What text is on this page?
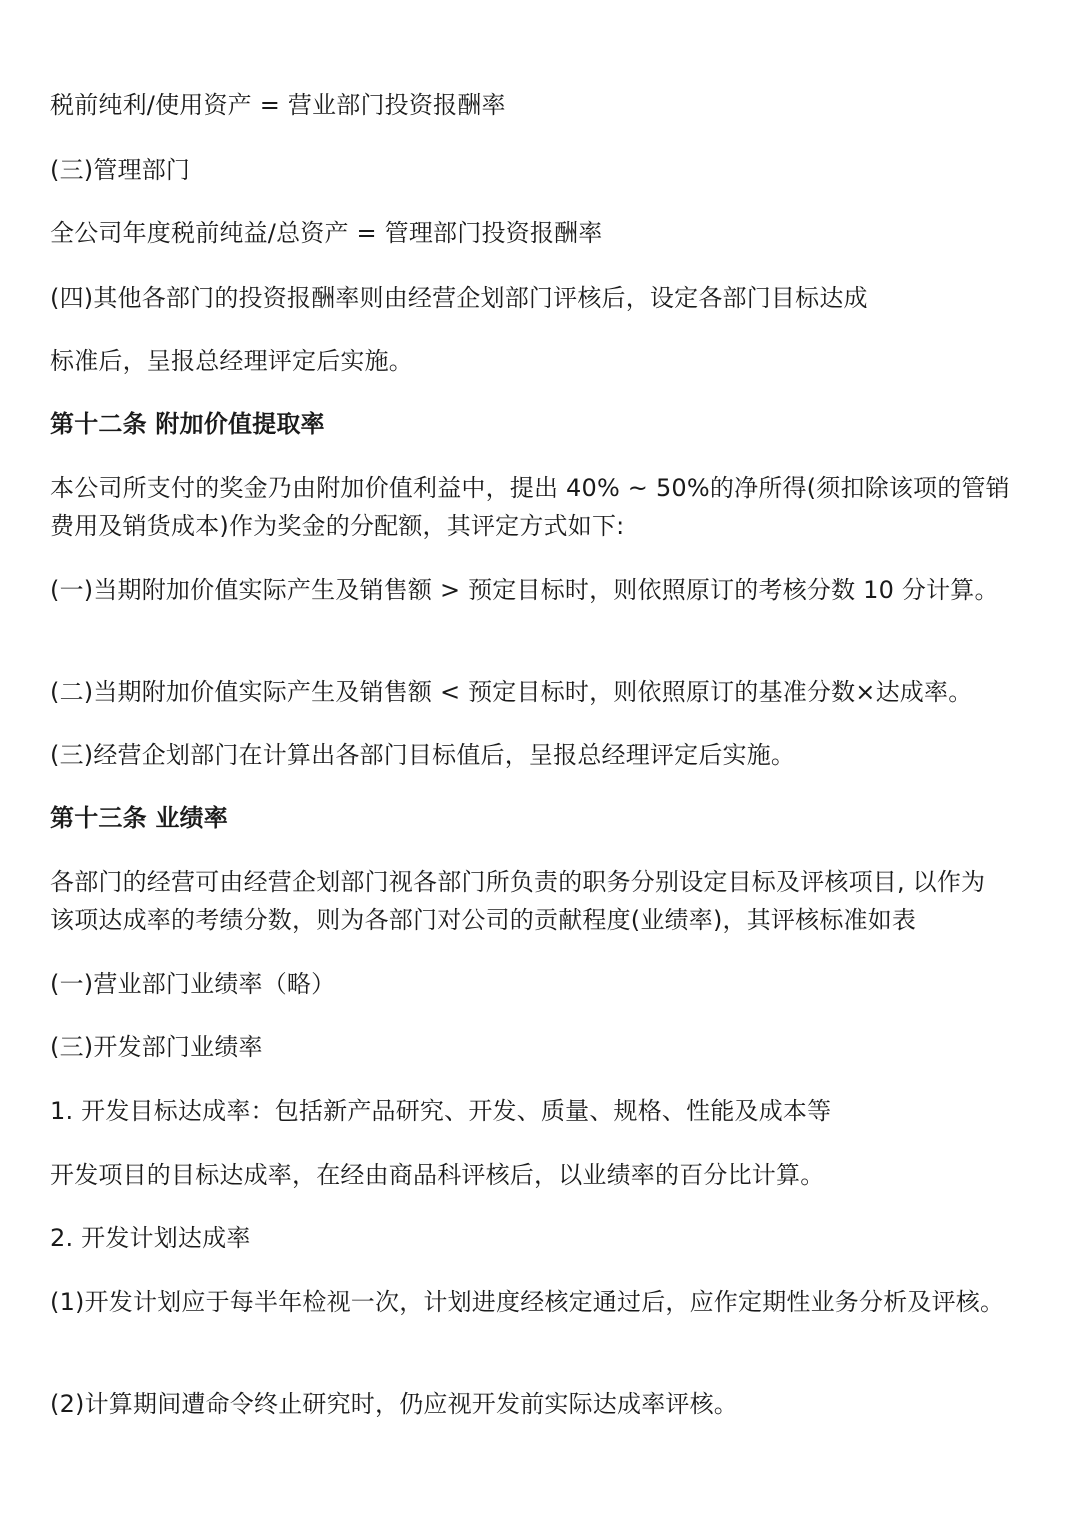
税前纯利/使用资产 = 营业部门投资报酬率
(三)管理部门
全公司年度税前纯益/总资产 = 管理部门投资报酬率
(四)其他各部门的投资报酬率则由经营企划部门评核后，设定各部门目标达成
标准后，呈报总经理评定后实施。
第十二条 附加价值提取率
本公司所支付的奖金乃由附加价值利益中，提出 40% ~ 50%的净所得(须扣除该项的管销
费用及销货成本)作为奖金的分配额，其评定方式如下:
(一)当期附加价值实际产生及销售额 > 预定目标时，则依照原订的考核分数 10 分计算。
(二)当期附加价值实际产生及销售额 < 预定目标时，则依照原订的基准分数×达成率。
(三)经营企划部门在计算出各部门目标值后，呈报总经理评定后实施。
第十三条 业绩率
各部门的经营可由经营企划部门视各部门所负责的职务分别设定目标及评核项目, 以作为
该项达成率的考绩分数，则为各部门对公司的贡献程度(业绩率)，其评核标准如表
(一)营业部门业绩率（略）
(三)开发部门业绩率
1. 开发目标达成率：包括新产品研究、开发、质量、规格、性能及成本等
开发项目的目标达成率，在经由商品科评核后，以业绩率的百分比计算。
2. 开发计划达成率
(1)开发计划应于每半年检视一次，计划进度经核定通过后，应作定期性业务分析及评核。
(2)计算期间遭命令终止研究时，仍应视开发前实际达成率评核。
